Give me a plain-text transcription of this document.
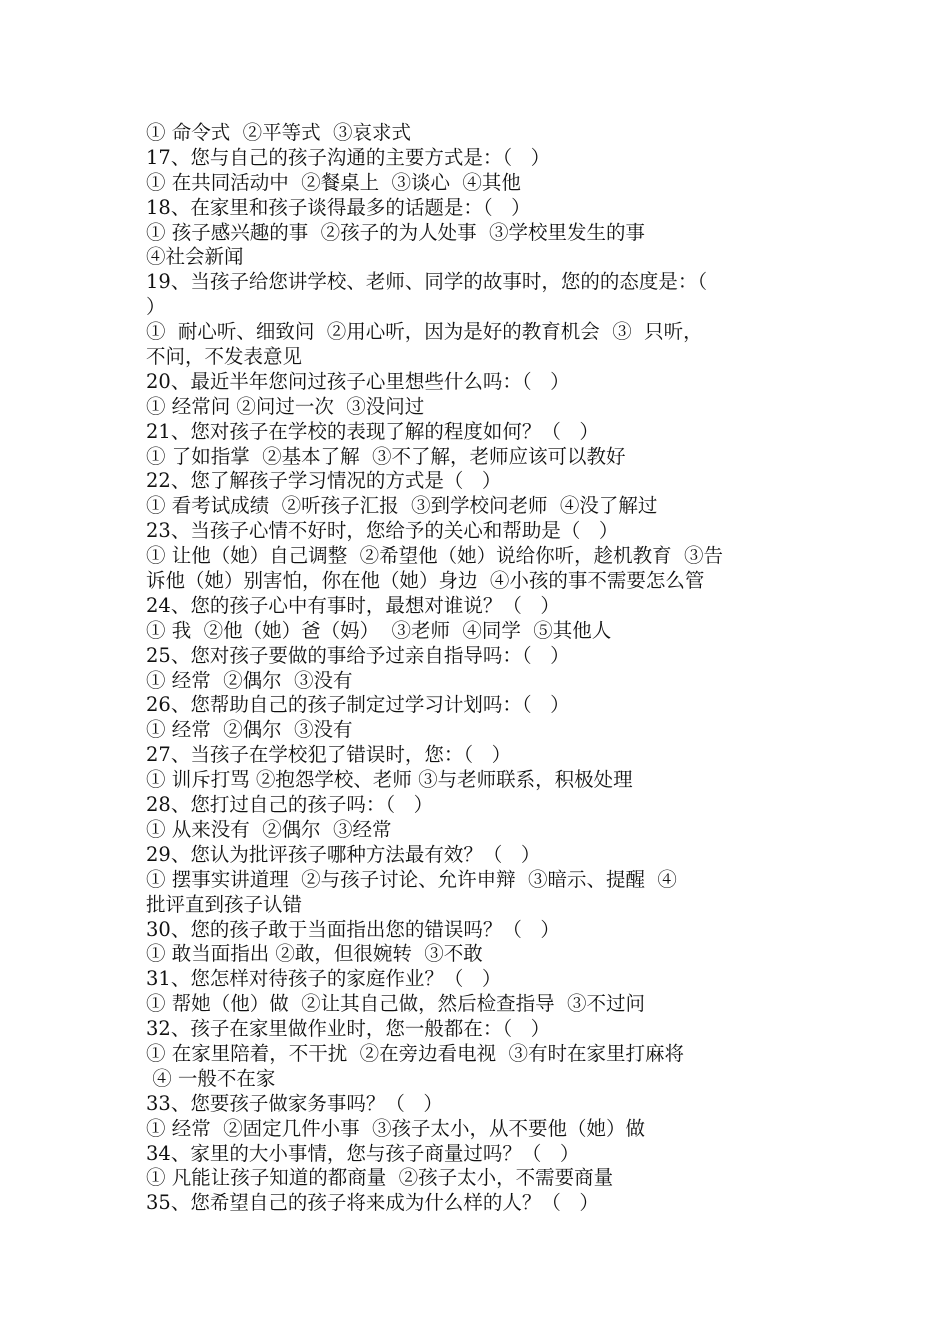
① 命令式  ②平等式  ③哀求式

17、您与自己的孩子沟通的主要方式是：（   ）

① 在共同活动中  ②餐桌上  ③谈心  ④其他

18、在家里和孩子谈得最多的话题是：（   ）

① 孩子感兴趣的事  ②孩子的为人处事  ③学校里发生的事

④社会新闻

19、当孩子给您讲学校、老师、同学的故事时，您的的态度是：（

）

①  耐心听、细致问  ②用心听，因为是好的教育机会  ③  只听，

不问，不发表意见

20、最近半年您问过孩子心里想些什么吗：（   ）

① 经常问 ②问过一次  ③没问过

21、您对孩子在学校的表现了解的程度如何？（   ）

① 了如指掌  ②基本了解  ③不了解，老师应该可以教好

22、您了解孩子学习情况的方式是（   ）

① 看考试成绩  ②听孩子汇报  ③到学校问老师  ④没了解过

23、当孩子心情不好时，您给予的关心和帮助是（   ）

① 让他（她）自己调整  ②希望他（她）说给你听，趁机教育  ③告

诉他（她）别害怕，你在他（她）身边  ④小孩的事不需要怎么管

24、您的孩子心中有事时，最想对谁说？（   ）

① 我  ②他（她）爸（妈）  ③老师  ④同学  ⑤其他人

25、您对孩子要做的事给予过亲自指导吗：（   ）

① 经常  ②偶尔  ③没有

26、您帮助自己的孩子制定过学习计划吗：（   ）

① 经常  ②偶尔  ③没有

27、当孩子在学校犯了错误时，您：（   ）

① 训斥打骂 ②抱怨学校、老师 ③与老师联系，积极处理

28、您打过自己的孩子吗：（   ）

① 从来没有  ②偶尔  ③经常

29、您认为批评孩子哪种方法最有效？（   ）

① 摆事实讲道理  ②与孩子讨论、允许申辩  ③暗示、提醒  ④

批评直到孩子认错

30、您的孩子敢于当面指出您的错误吗？（   ）

① 敢当面指出 ②敢，但很婉转  ③不敢

31、您怎样对待孩子的家庭作业？（   ）

① 帮她（他）做  ②让其自己做，然后检查指导  ③不过问

32、孩子在家里做作业时，您一般都在：（   ）

① 在家里陪着，不干扰  ②在旁边看电视  ③有时在家里打麻将

④ 一般不在家

33、您要孩子做家务事吗？（   ）

① 经常  ②固定几件小事  ③孩子太小，从不要他（她）做

34、家里的大小事情，您与孩子商量过吗？（   ）

① 凡能让孩子知道的都商量  ②孩子太小，不需要商量

35、您希望自己的孩子将来成为什么样的人？（   ）
